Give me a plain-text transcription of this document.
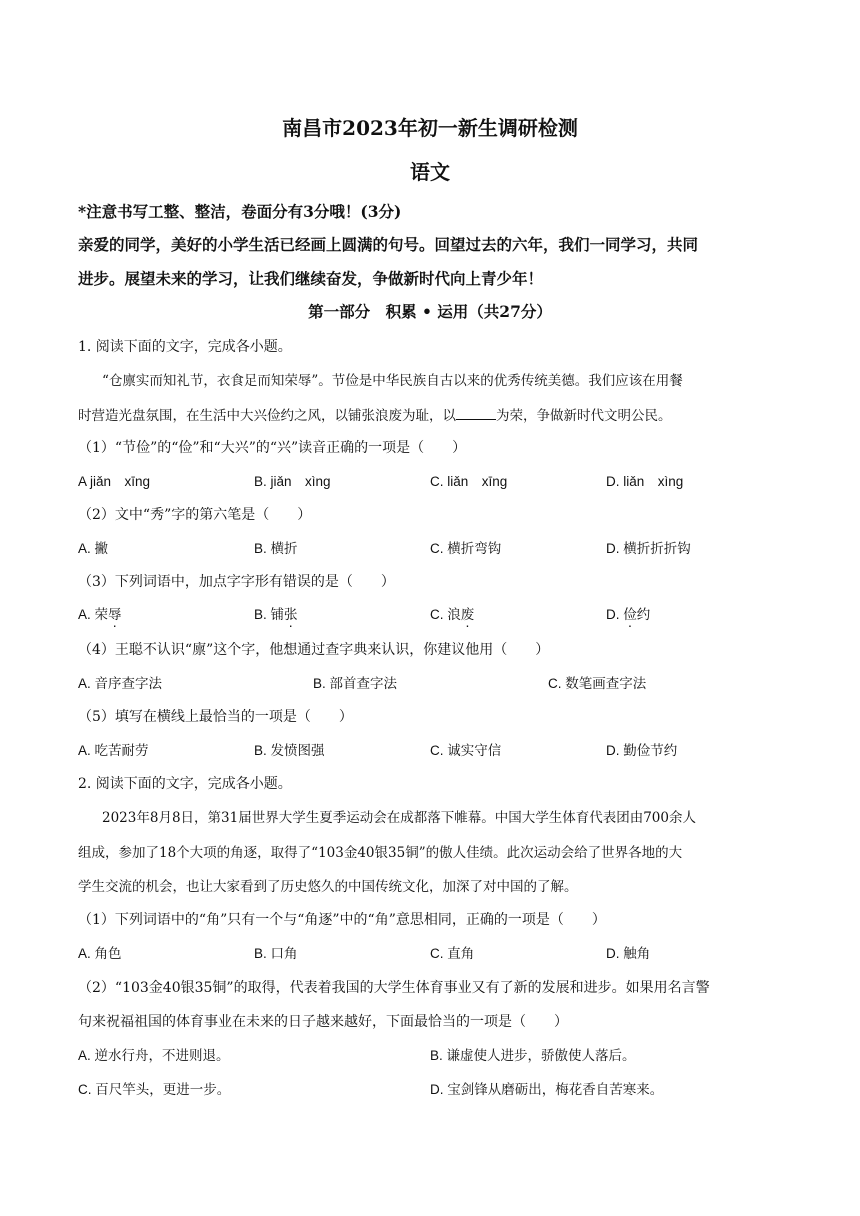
南昌市2023年初一新生调研检测
语文
*注意书写工整、整洁，卷面分有3分哦！(3分)
亲爱的同学，美好的小学生活已经画上圆满的句号。回望过去的六年，我们一同学习，共同
进步。展望未来的学习，让我们继续奋发，争做新时代向上青少年！
第一部分　积累 • 运用（共27分）
1. 阅读下面的文字，完成各小题。
“仓廪实而知礼节，衣食足而知荣辱”。节俭是中华民族自古以来的优秀传统美德。我们应该在用餐
时营造光盘氛围，在生活中大兴俭约之风，以铺张浪废为耻，以	为荣，争做新时代文明公民。
（1）“节俭”的“俭”和“大兴”的“兴”读音正确的一项是（　　）
A jiǎn　xīng	B. jiǎn　xìng	C. liǎn　xīng	D. liǎn　xìng
（2）文中“秀”字的第六笔是（　　）
A. 撇	B. 横折	C. 横折弯钩	D. 横折折折钩
（3）下列词语中，加点字字形有错误的是（　　）
A. 荣辱	B. 铺张	C. 浪废	D. 俭约
（4）王聪不认识“廪”这个字，他想通过查字典来认识，你建议他用（　　）
A. 音序查字法	B. 部首查字法	C. 数笔画查字法
（5）填写在横线上最恰当的一项是（　　）
A. 吃苦耐劳	B. 发愤图强	C. 诚实守信	D. 勤俭节约
2. 阅读下面的文字，完成各小题。
2023年8月8日，第31届世界大学生夏季运动会在成都落下帷幕。中国大学生体育代表团由700余人
组成，参加了18个大项的角逐，取得了“103金40银35铜”的傲人佳绩。此次运动会给了世界各地的大
学生交流的机会，也让大家看到了历史悠久的中国传统文化，加深了对中国的了解。
（1）下列词语中的“角”只有一个与“角逐”中的“角”意思相同，正确的一项是（　　）
A. 角色	B. 口角	C. 直角	D. 触角
（2）“103金40银35铜”的取得，代表着我国的大学生体育事业又有了新的发展和进步。如果用名言警
句来祝福祖国的体育事业在未来的日子越来越好，下面最恰当的一项是（　　）
A. 逆水行舟，不进则退。	B. 谦虚使人进步，骄傲使人落后。
C. 百尺竿头，更进一步。	D. 宝剑锋从磨砺出，梅花香自苦寒来。
